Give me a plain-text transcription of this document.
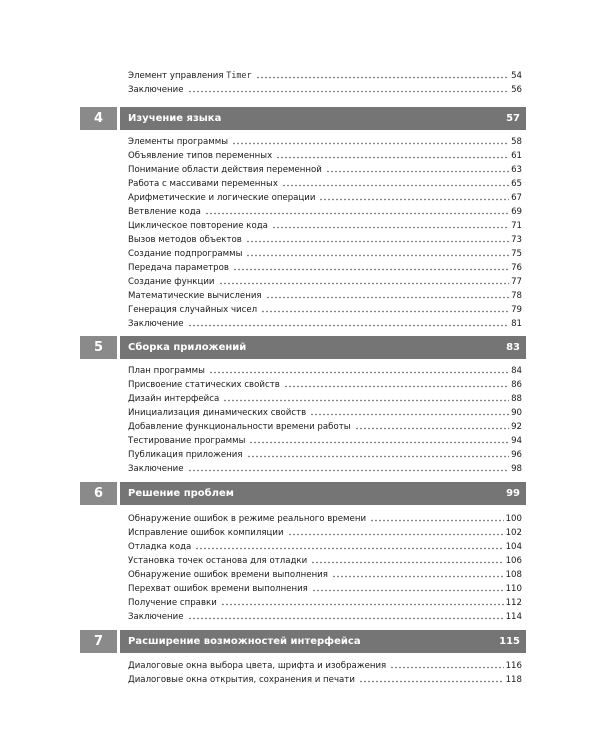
Элемент управления Timer	54
Заключение	56
4	Изучение языка	57
Элементы программы	58
Объявление типов переменных	61
Понимание области действия переменной	63
Работа с массивами переменных	65
Арифметические и логические операции	67
Ветвление кода	69
Циклическое повторение кода	71
Вызов методов объектов	73
Создание подпрограммы	75
Передача параметров	76
Создание функции	77
Математические вычисления	78
Генерация случайных чисел	79
Заключение	81
5	Сборка приложений	83
План программы	84
Присвоение статических свойств	86
Дизайн интерфейса	88
Инициализация динамических свойств	90
Добавление функциональности времени работы	92
Тестирование программы	94
Публикация приложения	96
Заключение	98
6	Решение проблем	99
Обнаружение ошибок в режиме реального времени	100
Исправление ошибок компиляции	102
Отладка кода	104
Установка точек останова для отладки	106
Обнаружение ошибок времени выполнения	108
Перехват ошибок времени выполнения	110
Получение справки	112
Заключение	114
7	Расширение возможностей интерфейса	115
Диалоговые окна выбора цвета, шрифта и изображения	116
Диалоговые окна открытия, сохранения и печати	118
